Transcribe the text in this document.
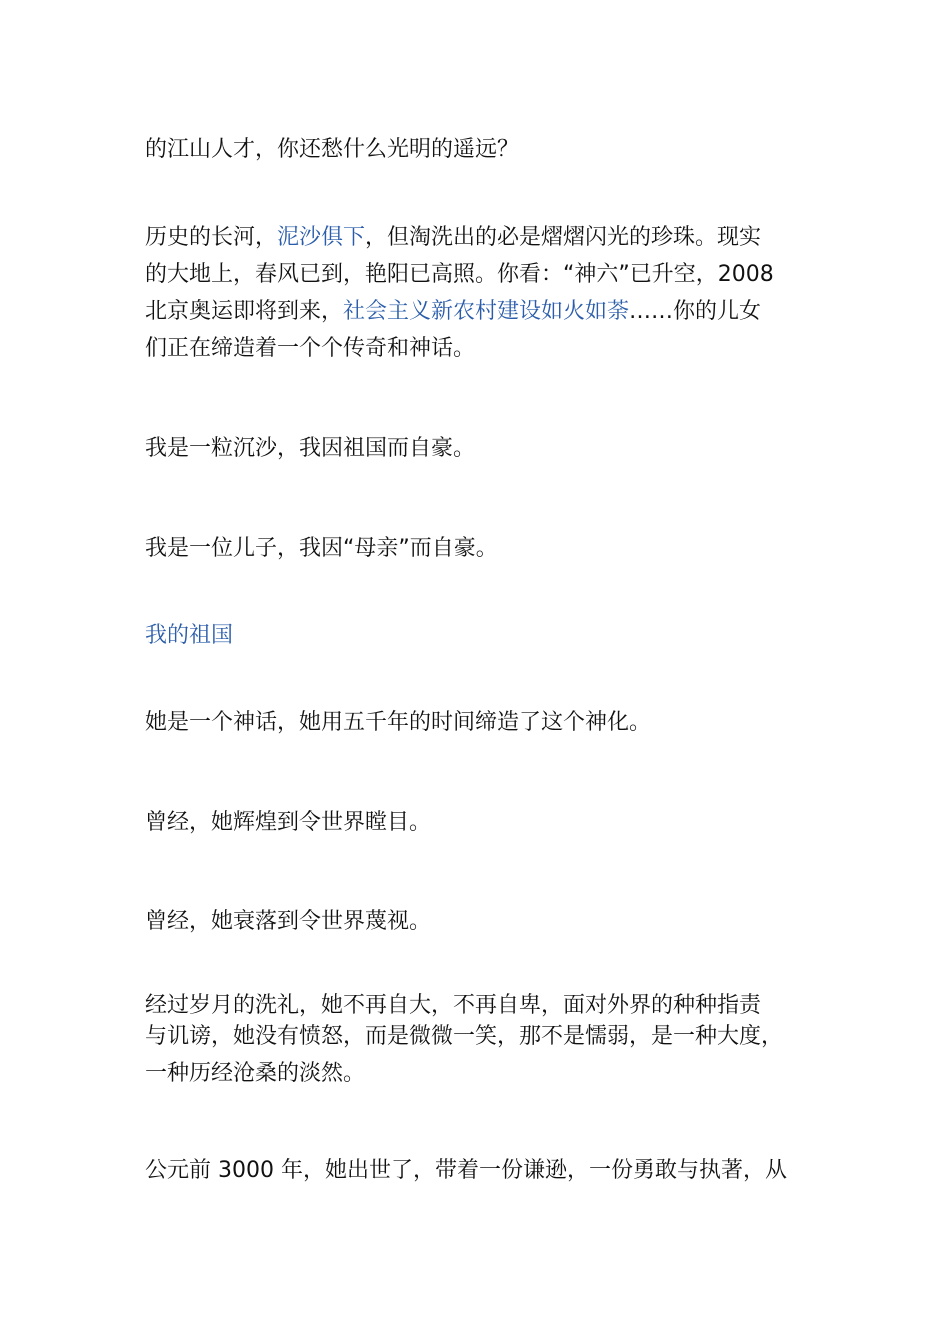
的江山人才，你还愁什么光明的遥远？

历史的长河，泥沙俱下，但淘洗出的必是熠熠闪光的珍珠。现实
的大地上，春风已到，艳阳已高照。你看：“神六”已升空，2008
北京奥运即将到来，社会主义新农村建设如火如荼……你的儿女
们正在缔造着一个个传奇和神话。

我是一粒沉沙，我因祖国而自豪。

我是一位儿子，我因“母亲”而自豪。

我的祖国

她是一个神话，她用五千年的时间缔造了这个神化。

曾经，她辉煌到令世界瞠目。

曾经，她衰落到令世界蔑视。

经过岁月的洗礼，她不再自大，不再自卑，面对外界的种种指责
与讥谤，她没有愤怒，而是微微一笑，那不是懦弱，是一种大度，
一种历经沧桑的淡然。

公元前 3000 年，她出世了，带着一份谦逊，一份勇敢与执著，从
